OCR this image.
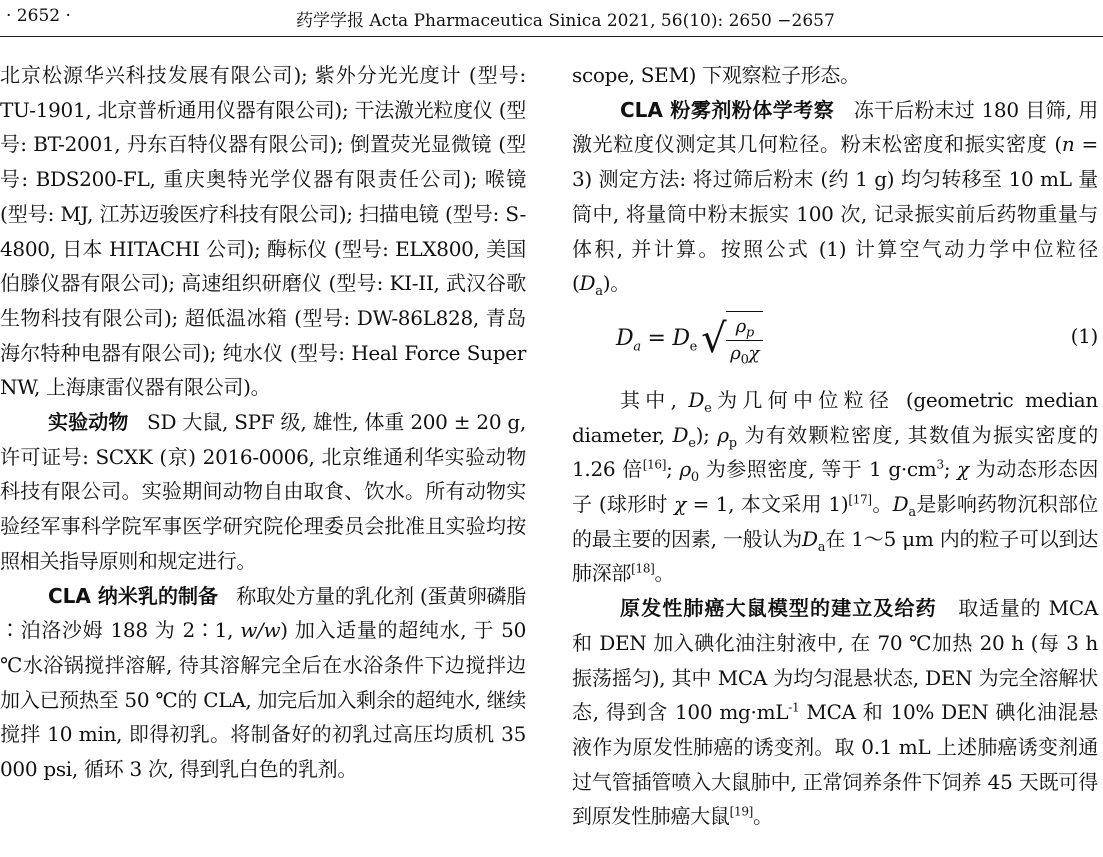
· 2652 ·	药学学报 Acta Pharmaceutica Sinica 2021, 56(10): 2650 −2657

北京松源华兴科技发展有限公司); 紫外分光光度计 (型号: TU-1901, 北京普析通用仪器有限公司); 干法激光粒度仪 (型号: BT-2001, 丹东百特仪器有限公司); 倒置荧光显微镜 (型号: BDS200-FL, 重庆奥特光学仪器有限责任公司); 喉镜 (型号: MJ, 江苏迈骏医疗科技有限公司); 扫描电镜 (型号: S-4800, 日本 HITACHI 公司); 酶标仪 (型号: ELX800, 美国伯滕仪器有限公司); 高速组织研磨仪 (型号: KI-II, 武汉谷歌生物科技有限公司); 超低温冰箱 (型号: DW-86L828, 青岛海尔特种电器有限公司); 纯水仪 (型号: Heal Force Super NW, 上海康雷仪器有限公司)。

实验动物 SD 大鼠, SPF 级, 雄性, 体重 200 ± 20 g, 许可证号: SCXK (京) 2016-0006, 北京维通利华实验动物科技有限公司。实验期间动物自由取食、饮水。所有动物实验经军事科学院军事医学研究院伦理委员会批准且实验均按照相关指导原则和规定进行。

CLA 纳米乳的制备 称取处方量的乳化剂 (蛋黄卵磷脂∶泊洛沙姆 188 为 2∶1, w/w) 加入适量的超纯水, 于 50 ℃水浴锅搅拌溶解, 待其溶解完全后在水浴条件下边搅拌边加入已预热至 50 ℃的 CLA, 加完后加入剩余的超纯水, 继续搅拌 10 min, 即得初乳。将制备好的初乳过高压均质机 35 000 psi, 循环 3 次, 得到乳白色的乳剂。

scope, SEM) 下观察粒子形态。

CLA 粉雾剂粉体学考察 冻干后粉末过 180 目筛, 用激光粒度仪测定其几何粒径。粉末松密度和振实密度 (n = 3) 测定方法: 将过筛后粉末 (约 1 g) 均匀转移至 10 mL 量筒中, 将量筒中粉末振实 100 次, 记录振实前后药物重量与体积, 并计算。按照公式 (1) 计算空气动力学中位粒径 $(D_a)$。

$D_a = D_e$ √ $\frac{\rho_p}{\rho_0\chi}$	(1)

其中, $D_e$为几何中位粒径 (geometric median diameter, $D_e$); $\rho_p$ 为有效颗粒密度, 其数值为振实密度的 1.26 倍[16]; $\rho_0$ 为参照密度, 等于 1 $g\cdot cm^3$; χ 为动态形态因子 (球形时 χ = 1, 本文采用 1)[17]。$D_a$是影响药物沉积部位的最主要的因素, 一般认为$D_a$在 1～5 μm 内的粒子可以到达肺深部[18]。

原发性肺癌大鼠模型的建立及给药 取适量的 MCA 和 DEN 加入碘化油注射液中, 在 70 ℃加热 20 h (每 3 h 振荡摇匀), 其中 MCA 为均匀混悬状态, DEN 为完全溶解状态, 得到含 100 $mg\cdot mL^{-1}$ MCA 和 10% DEN 碘化油混悬液作为原发性肺癌的诱变剂。取 0.1 mL 上述肺癌诱变剂通过气管插管喷入大鼠肺中, 正常饲养条件下饲养 45 天既可得到原发性肺癌大鼠[19]。
